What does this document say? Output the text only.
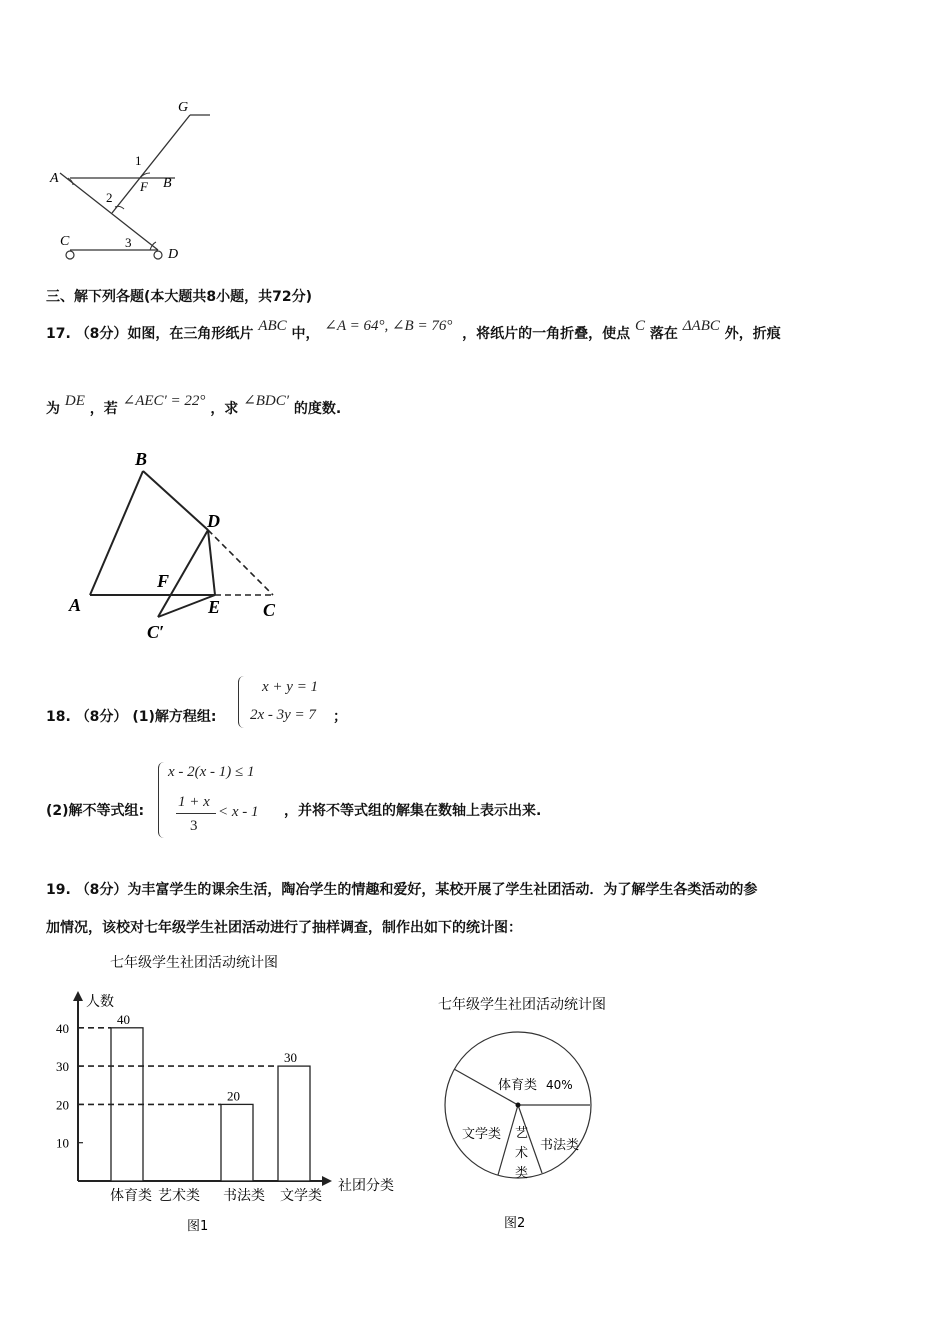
G
1
A
F B
2
C	3
D
三、解下列各题(本大题共8小题，共72分)
17. （8分）如图，在三角形纸片 ABC 中， ∠A = 64°, ∠B = 76° ，将纸片的一角折叠，使点 C 落在 ΔABC 外，折痕
为 DE ，若 ∠AEC′ = 22° ，求 ∠BDC′ 的度数.
B
D
F
A	E C
C′
18. （8分） (1)解方程组:
x + y = 1
2x - 3y = 7 ；
(2)解不等式组:
x - 2(x - 1) ≤ 1
1 + x
3
< x - 1 ，并将不等式组的解集在数轴上表示出来.
19. （8分）为丰富学生的课余生活，陶冶学生的情趣和爱好，某校开展了学生社团活动．为了解学生各类活动的参
加情况，该校对七年级学生社团活动进行了抽样调查，制作出如下的统计图：
七年级学生社团活动统计图
10
20
30
40
体育类
40
艺术类 书法类
20
文学类
30
人数
社团分类
图1
七年级学生社团活动统计图
体育类 40%
文学类 艺
术
类
书法类
图2
